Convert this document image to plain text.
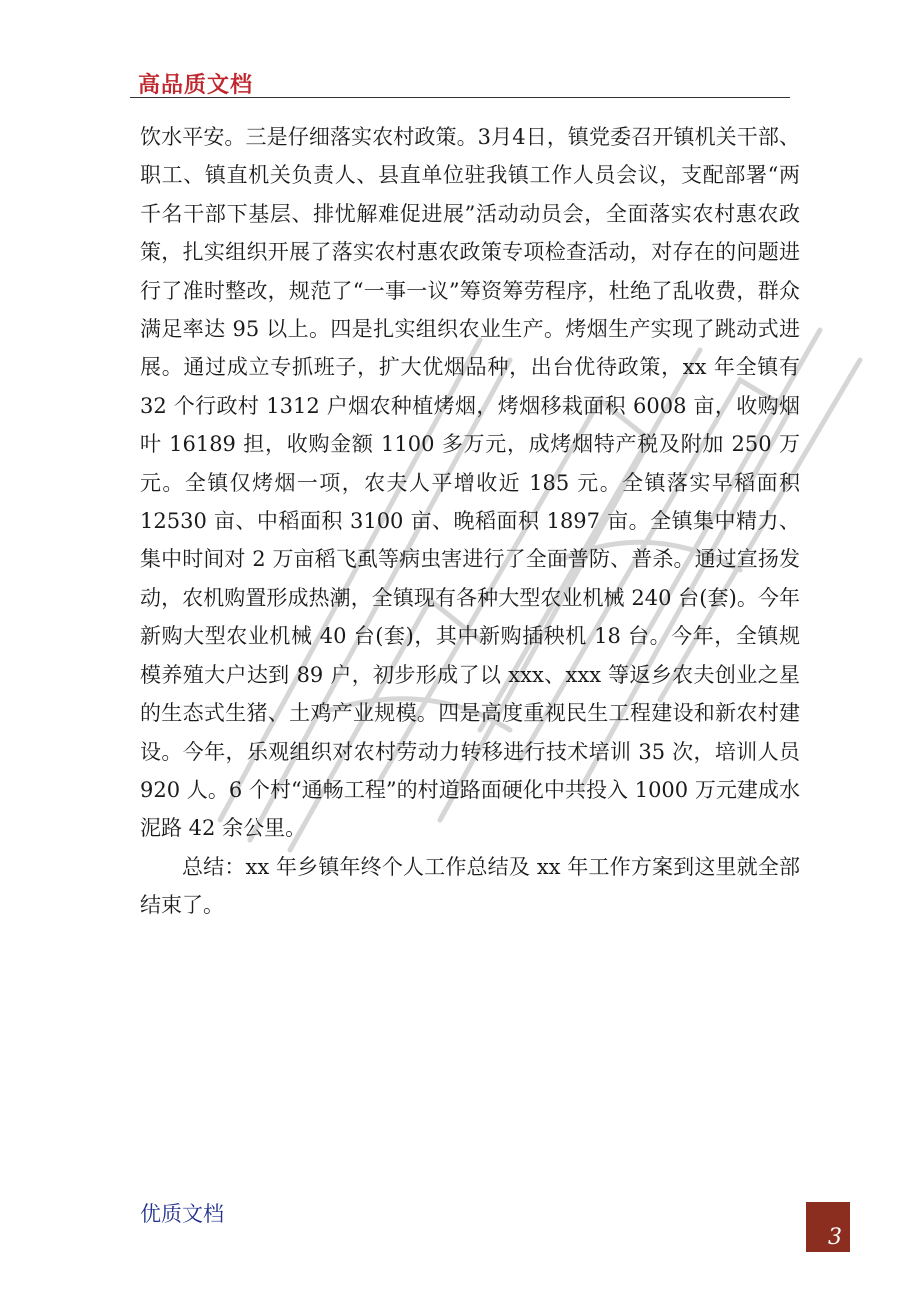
高品质文档

饮水平安。三是仔细落实农村政策。3月4日，镇党委召开镇机关干部、职工、镇直机关负责人、县直单位驻我镇工作人员会议，支配部署“两千名干部下基层、排忧解难促进展”活动动员会，全面落实农村惠农政策，扎实组织开展了落实农村惠农政策专项检查活动，对存在的问题进行了准时整改，规范了“一事一议”筹资筹劳程序，杜绝了乱收费，群众满足率达 95 以上。四是扎实组织农业生产。烤烟生产实现了跳动式进展。通过成立专抓班子，扩大优烟品种，出台优待政策，xx 年全镇有 32 个行政村 1312 户烟农种植烤烟，烤烟移栽面积 6008 亩，收购烟叶 16189 担，收购金额 1100 多万元，成烤烟特产税及附加 250 万元。全镇仅烤烟一项，农夫人平增收近 185 元。全镇落实早稻面积 12530 亩、中稻面积 3100 亩、晚稻面积 1897 亩。全镇集中精力、集中时间对 2 万亩稻飞虱等病虫害进行了全面普防、普杀。通过宣扬发动，农机购置形成热潮，全镇现有各种大型农业机械 240 台(套)。今年新购大型农业机械 40 台(套)，其中新购插秧机 18 台。今年，全镇规模养殖大户达到 89 户，初步形成了以 xxx、xxx 等返乡农夫创业之星的生态式生猪、土鸡产业规模。四是高度重视民生工程建设和新农村建设。今年，乐观组织对农村劳动力转移进行技术培训 35 次，培训人员 920 人。6 个村“通畅工程”的村道路面硬化中共投入 1000 万元建成水泥路 42 余公里。

总结：xx 年乡镇年终个人工作总结及 xx 年工作方案到这里就全部结束了。

优质文档
3
